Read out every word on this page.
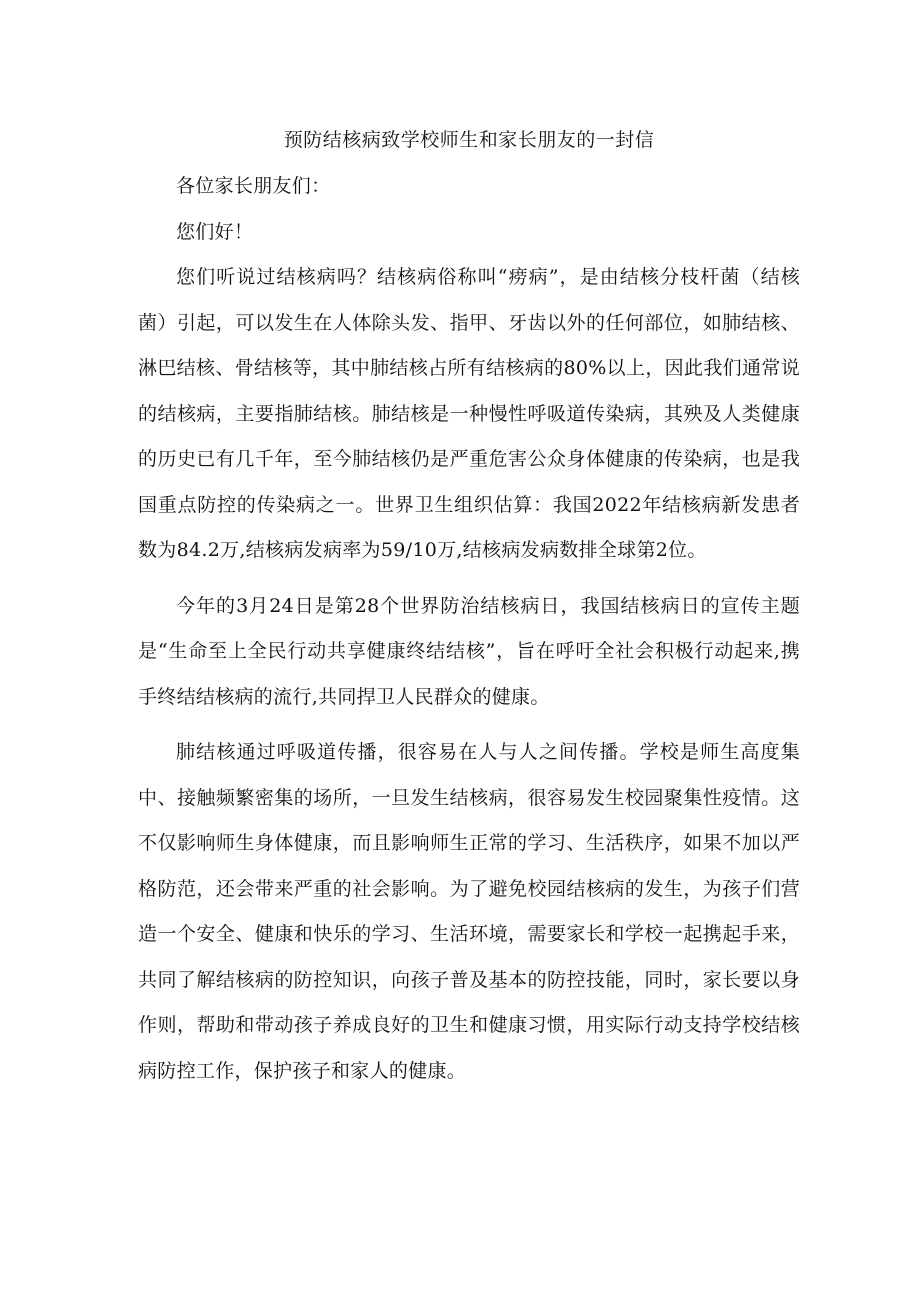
预防结核病致学校师生和家长朋友的一封信

各位家长朋友们：

您们好！

您们听说过结核病吗？结核病俗称叫“痨病”，是由结核分枝杆菌（结核菌）引起，可以发生在人体除头发、指甲、牙齿以外的任何部位，如肺结核、淋巴结核、骨结核等，其中肺结核占所有结核病的80%以上，因此我们通常说的结核病，主要指肺结核。肺结核是一种慢性呼吸道传染病，其殃及人类健康的历史已有几千年，至今肺结核仍是严重危害公众身体健康的传染病，也是我国重点防控的传染病之一。世界卫生组织估算：我国2022年结核病新发患者数为84.2万,结核病发病率为59/10万,结核病发病数排全球第2位。

今年的3月24日是第28个世界防治结核病日，我国结核病日的宣传主题是“生命至上全民行动共享健康终结结核”，旨在呼吁全社会积极行动起来,携手终结结核病的流行,共同捍卫人民群众的健康。

肺结核通过呼吸道传播，很容易在人与人之间传播。学校是师生高度集中、接触频繁密集的场所，一旦发生结核病，很容易发生校园聚集性疫情。这不仅影响师生身体健康，而且影响师生正常的学习、生活秩序，如果不加以严格防范，还会带来严重的社会影响。为了避免校园结核病的发生，为孩子们营造一个安全、健康和快乐的学习、生活环境，需要家长和学校一起携起手来，共同了解结核病的防控知识，向孩子普及基本的防控技能，同时，家长要以身作则，帮助和带动孩子养成良好的卫生和健康习惯，用实际行动支持学校结核病防控工作，保护孩子和家人的健康。
